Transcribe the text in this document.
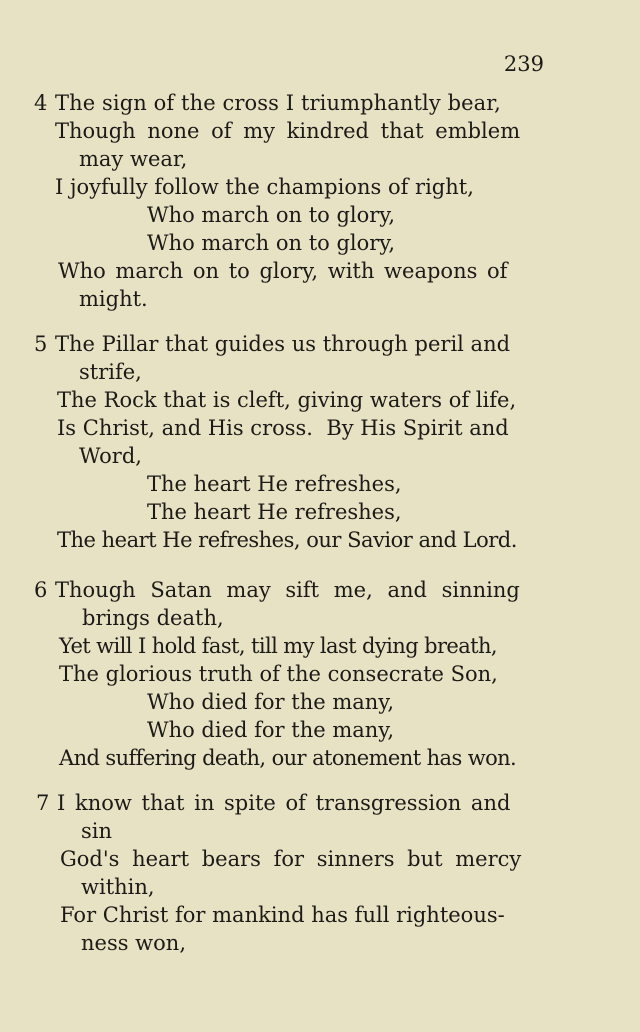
239
4 The sign of the cross I triumphantly bear,
Though none of my kindred that emblem
may wear,
I joyfully follow the champions of right,
Who march on to glory,
Who march on to glory,
Who march on to glory, with weapons of
might.
5 The Pillar that guides us through peril and
strife,
The Rock that is cleft, giving waters of life,
Is Christ, and His cross.  By His Spirit and
Word,
The heart He refreshes,
The heart He refreshes,
The heart He refreshes, our Savior and Lord.
6 Though Satan may sift me, and sinning
brings death,
Yet will I hold fast, till my last dying breath,
The glorious truth of the consecrate Son,
Who died for the many,
Who died for the many,
And suffering death, our atonement has won.
7 I know that in spite of transgression and
sin
God's heart bears for sinners but mercy
within,
For Christ for mankind has full righteous-
ness won,
